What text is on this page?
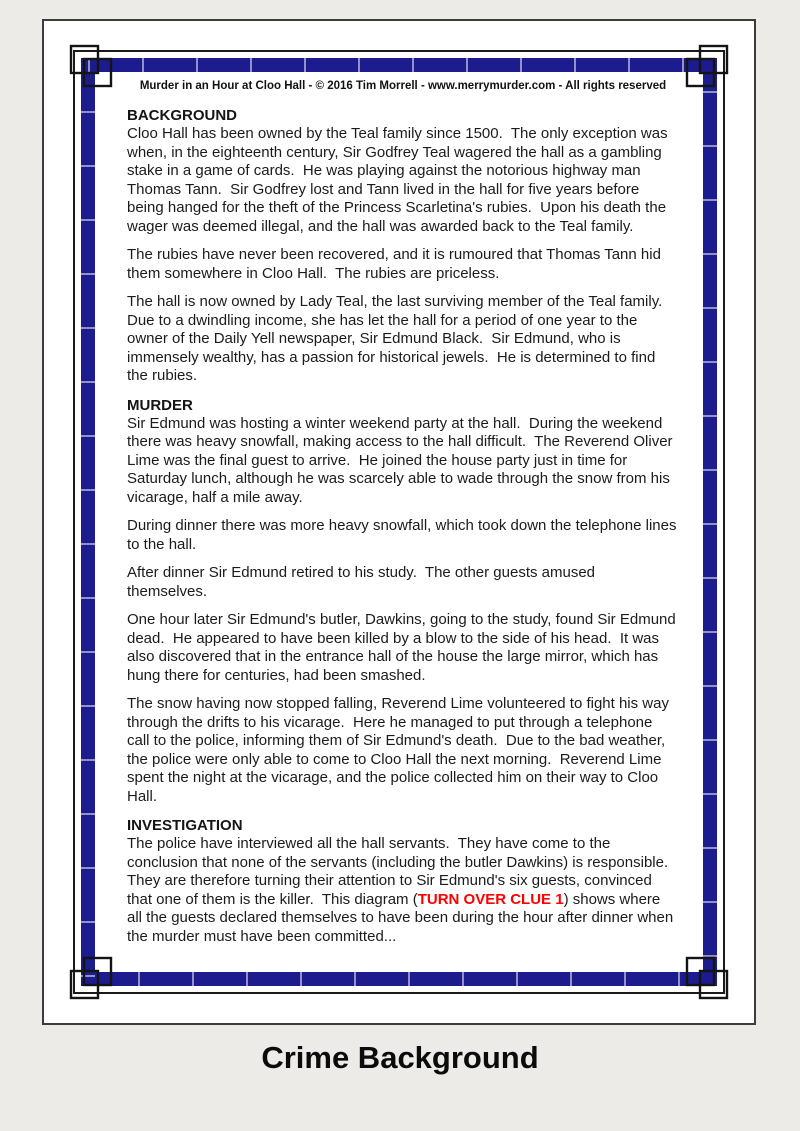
Murder in an Hour at Cloo Hall - © 2016 Tim Morrell - www.merrymurder.com - All rights reserved
BACKGROUND

Cloo Hall has been owned by the Teal family since 1500.  The only exception was when, in the eighteenth century, Sir Godfrey Teal wagered the hall as a gambling stake in a game of cards.  He was playing against the notorious highway man Thomas Tann.  Sir Godfrey lost and Tann lived in the hall for five years before being hanged for the theft of the Princess Scarletina's rubies.  Upon his death the wager was deemed illegal, and the hall was awarded back to the Teal family.

The rubies have never been recovered, and it is rumoured that Thomas Tann hid them somewhere in Cloo Hall.  The rubies are priceless.

The hall is now owned by Lady Teal, the last surviving member of the Teal family.  Due to a dwindling income, she has let the hall for a period of one year to the owner of the Daily Yell newspaper, Sir Edmund Black.  Sir Edmund, who is immensely wealthy, has a passion for historical jewels.  He is determined to find the rubies.

MURDER

Sir Edmund was hosting a winter weekend party at the hall.  During the weekend there was heavy snowfall, making access to the hall difficult.  The Reverend Oliver Lime was the final guest to arrive.  He joined the house party just in time for Saturday lunch, although he was scarcely able to wade through the snow from his vicarage, half a mile away.

During dinner there was more heavy snowfall, which took down the telephone lines to the hall.

After dinner Sir Edmund retired to his study.  The other guests amused themselves.

One hour later Sir Edmund's butler, Dawkins, going to the study, found Sir Edmund dead.  He appeared to have been killed by a blow to the side of his head.  It was also discovered that in the entrance hall of the house the large mirror, which has hung there for centuries, had been smashed.

The snow having now stopped falling, Reverend Lime volunteered to fight his way through the drifts to his vicarage.  Here he managed to put through a telephone call to the police, informing them of Sir Edmund's death.  Due to the bad weather, the police were only able to come to Cloo Hall the next morning.  Reverend Lime spent the night at the vicarage, and the police collected him on their way to Cloo Hall.

INVESTIGATION

The police have interviewed all the hall servants.  They have come to the conclusion that none of the servants (including the butler Dawkins) is responsible.  They are therefore turning their attention to Sir Edmund's six guests, convinced that one of them is the killer.  This diagram (TURN OVER CLUE 1) shows where all the guests declared themselves to have been during the hour after dinner when the murder must have been committed...

Crime Background
